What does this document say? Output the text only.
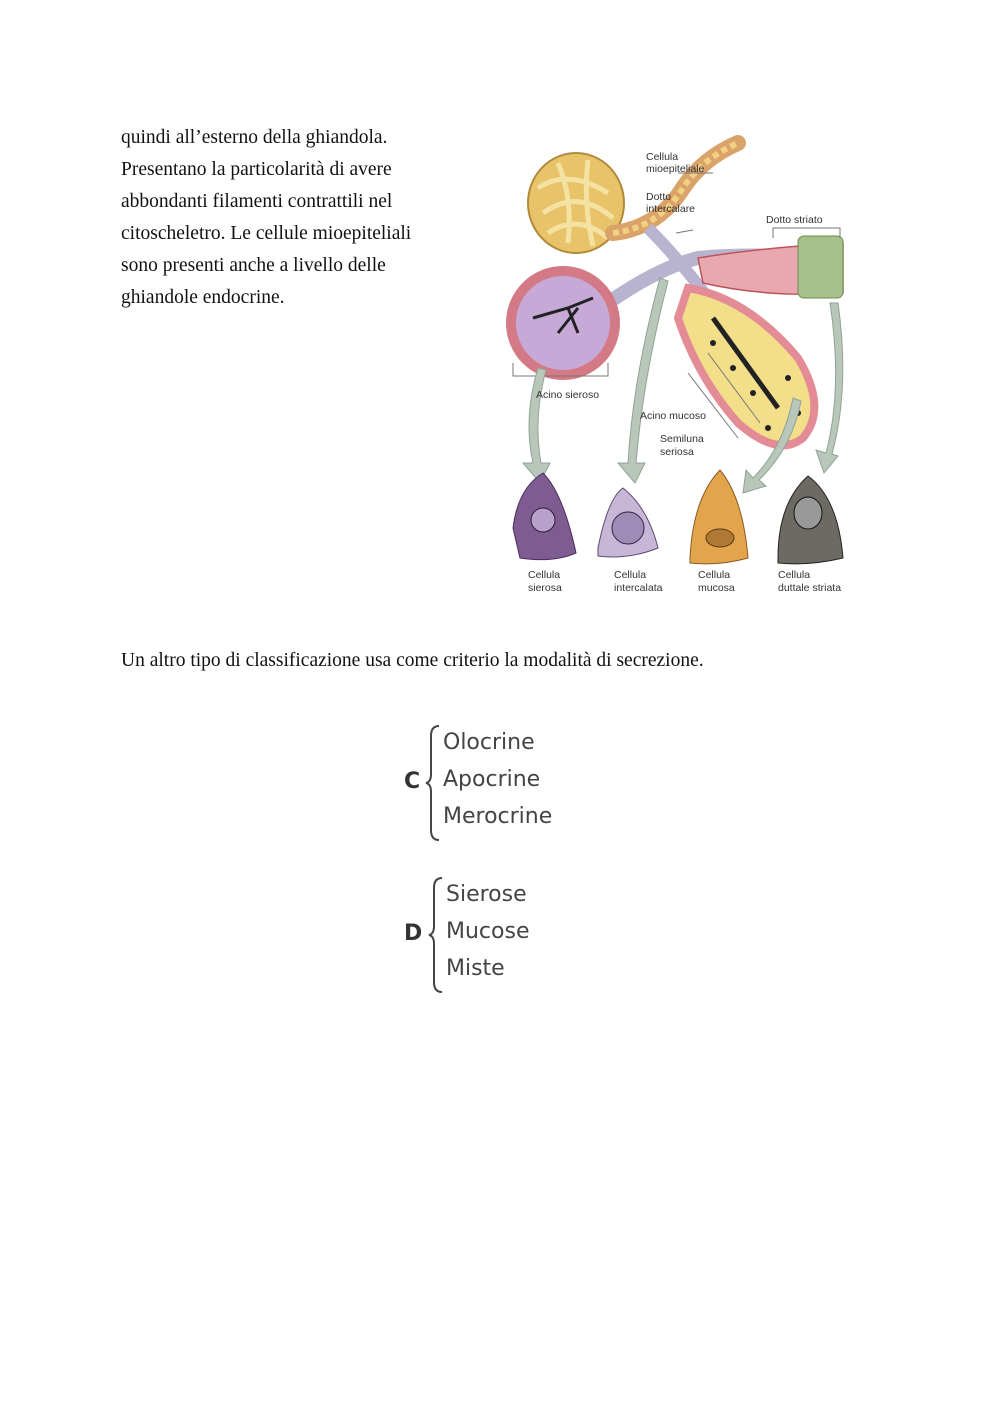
quindi all’esterno della ghiandola.
Presentano la particolarità di avere
abbondanti filamenti contrattili nel
citoscheletro. Le cellule mioepiteliali
sono presenti anche a livello delle
ghiandole endocrine.
Cellula
mioepiteliale
Dotto
intercalare
Dotto striato
Acino sieroso
Acino mucoso
Semiluna
seriosa
Cellula
sierosa
Cellula
intercalata
Cellula
mucosa
Cellula
duttale striata
Un altro tipo di classificazione usa come criterio la modalità di secrezione.
C
Olocrine
Apocrine
Merocrine
D
Sierose
Mucose
Miste
